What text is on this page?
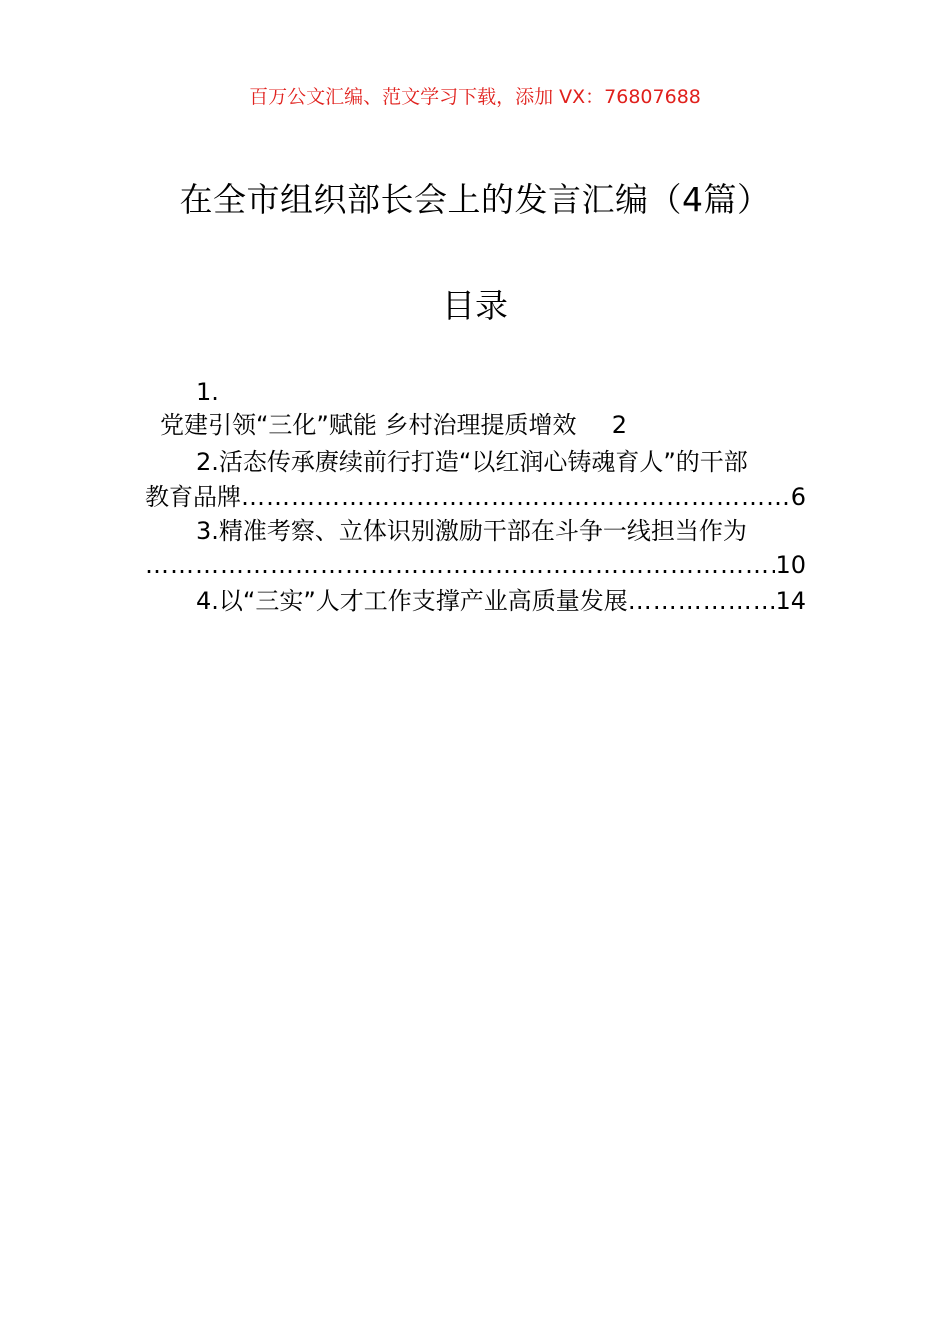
百万公文汇编、范文学习下载，添加 VX：76807688
在全市组织部长会上的发言汇编（4篇）
目录
1.
党建引领“三化”赋能 乡村治理提质增效 2
2.活态传承赓续前行打造“以红润心铸魂育人”的干部
教育品牌 ……………………………………………………………………………………………………………………………………………………………………	6
3.精准考察、立体识别激励干部在斗争一线担当作为
……………………………………………………………………………………………………………………………………………………………………
10
4.以“三实”人才工作支撑产业高质量发展 ……………………………………………………………………………………………………………………………………………………………………	14
